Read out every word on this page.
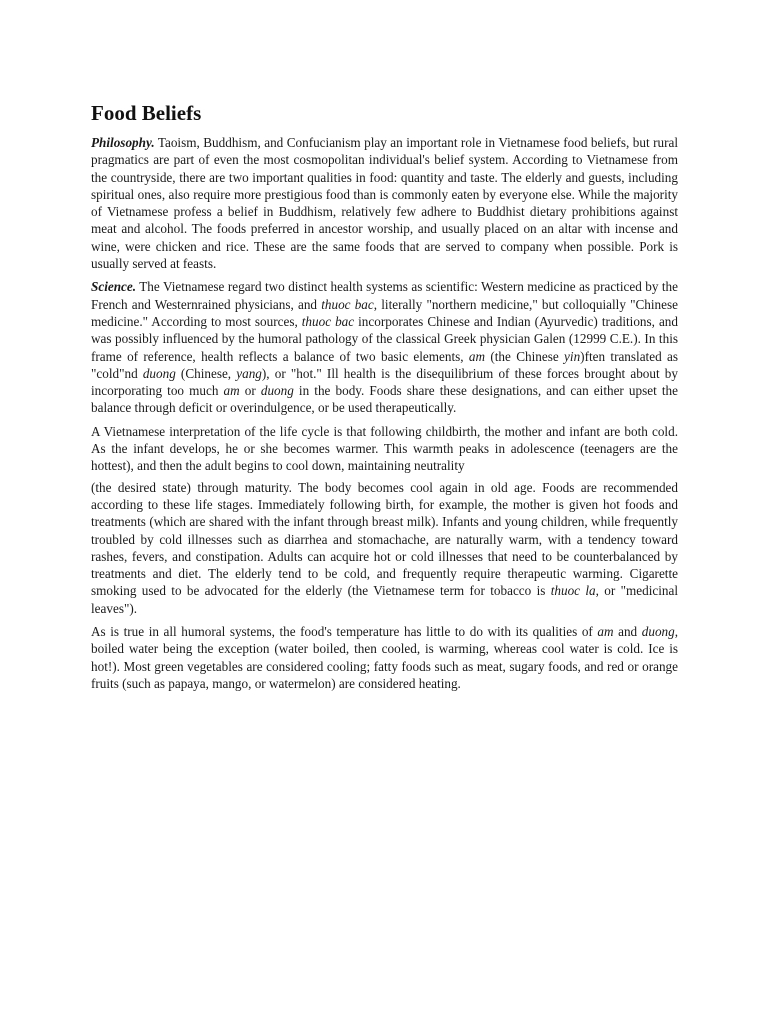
Food Beliefs

Philosophy. Taoism, Buddhism, and Confucianism play an important role in Vietnamese food beliefs, but rural pragmatics are part of even the most cosmopolitan individual's belief system. According to Vietnamese from the countryside, there are two important qualities in food: quantity and taste. The elderly and guests, including spiritual ones, also require more prestigious food than is commonly eaten by everyone else. While the majority of Vietnamese profess a belief in Buddhism, relatively few adhere to Buddhist dietary prohibitions against meat and alcohol. The foods preferred in ancestor worship, and usually placed on an altar with incense and wine, were chicken and rice. These are the same foods that are served to company when possible. Pork is usually served at feasts.

Science. The Vietnamese regard two distinct health systems as scientific: Western medicine as practiced by the French and Westernrained physicians, and thuoc bac, literally "northern medicine," but colloquially "Chinese medicine." According to most sources, thuoc bac incorporates Chinese and Indian (Ayurvedic) traditions, and was possibly influenced by the humoral pathology of the classical Greek physician Galen (12999 C.E.). In this frame of reference, health reflects a balance of two basic elements, am (the Chinese yin)ften translated as "cold"nd duong (Chinese, yang), or "hot." Ill health is the disequilibrium of these forces brought about by incorporating too much am or duong in the body. Foods share these designations, and can either upset the balance through deficit or overindulgence, or be used therapeutically.

A Vietnamese interpretation of the life cycle is that following childbirth, the mother and infant are both cold. As the infant develops, he or she becomes warmer. This warmth peaks in adolescence (teenagers are the hottest), and then the adult begins to cool down, maintaining neutrality

(the desired state) through maturity. The body becomes cool again in old age. Foods are recommended according to these life stages. Immediately following birth, for example, the mother is given hot foods and treatments (which are shared with the infant through breast milk). Infants and young children, while frequently troubled by cold illnesses such as diarrhea and stomachache, are naturally warm, with a tendency toward rashes, fevers, and constipation. Adults can acquire hot or cold illnesses that need to be counterbalanced by treatments and diet. The elderly tend to be cold, and frequently require therapeutic warming. Cigarette smoking used to be advocated for the elderly (the Vietnamese term for tobacco is thuoc la, or "medicinal leaves").

As is true in all humoral systems, the food's temperature has little to do with its qualities of am and duong, boiled water being the exception (water boiled, then cooled, is warming, whereas cool water is cold. Ice is hot!). Most green vegetables are considered cooling; fatty foods such as meat, sugary foods, and red or orange fruits (such as papaya, mango, or watermelon) are considered heating.
